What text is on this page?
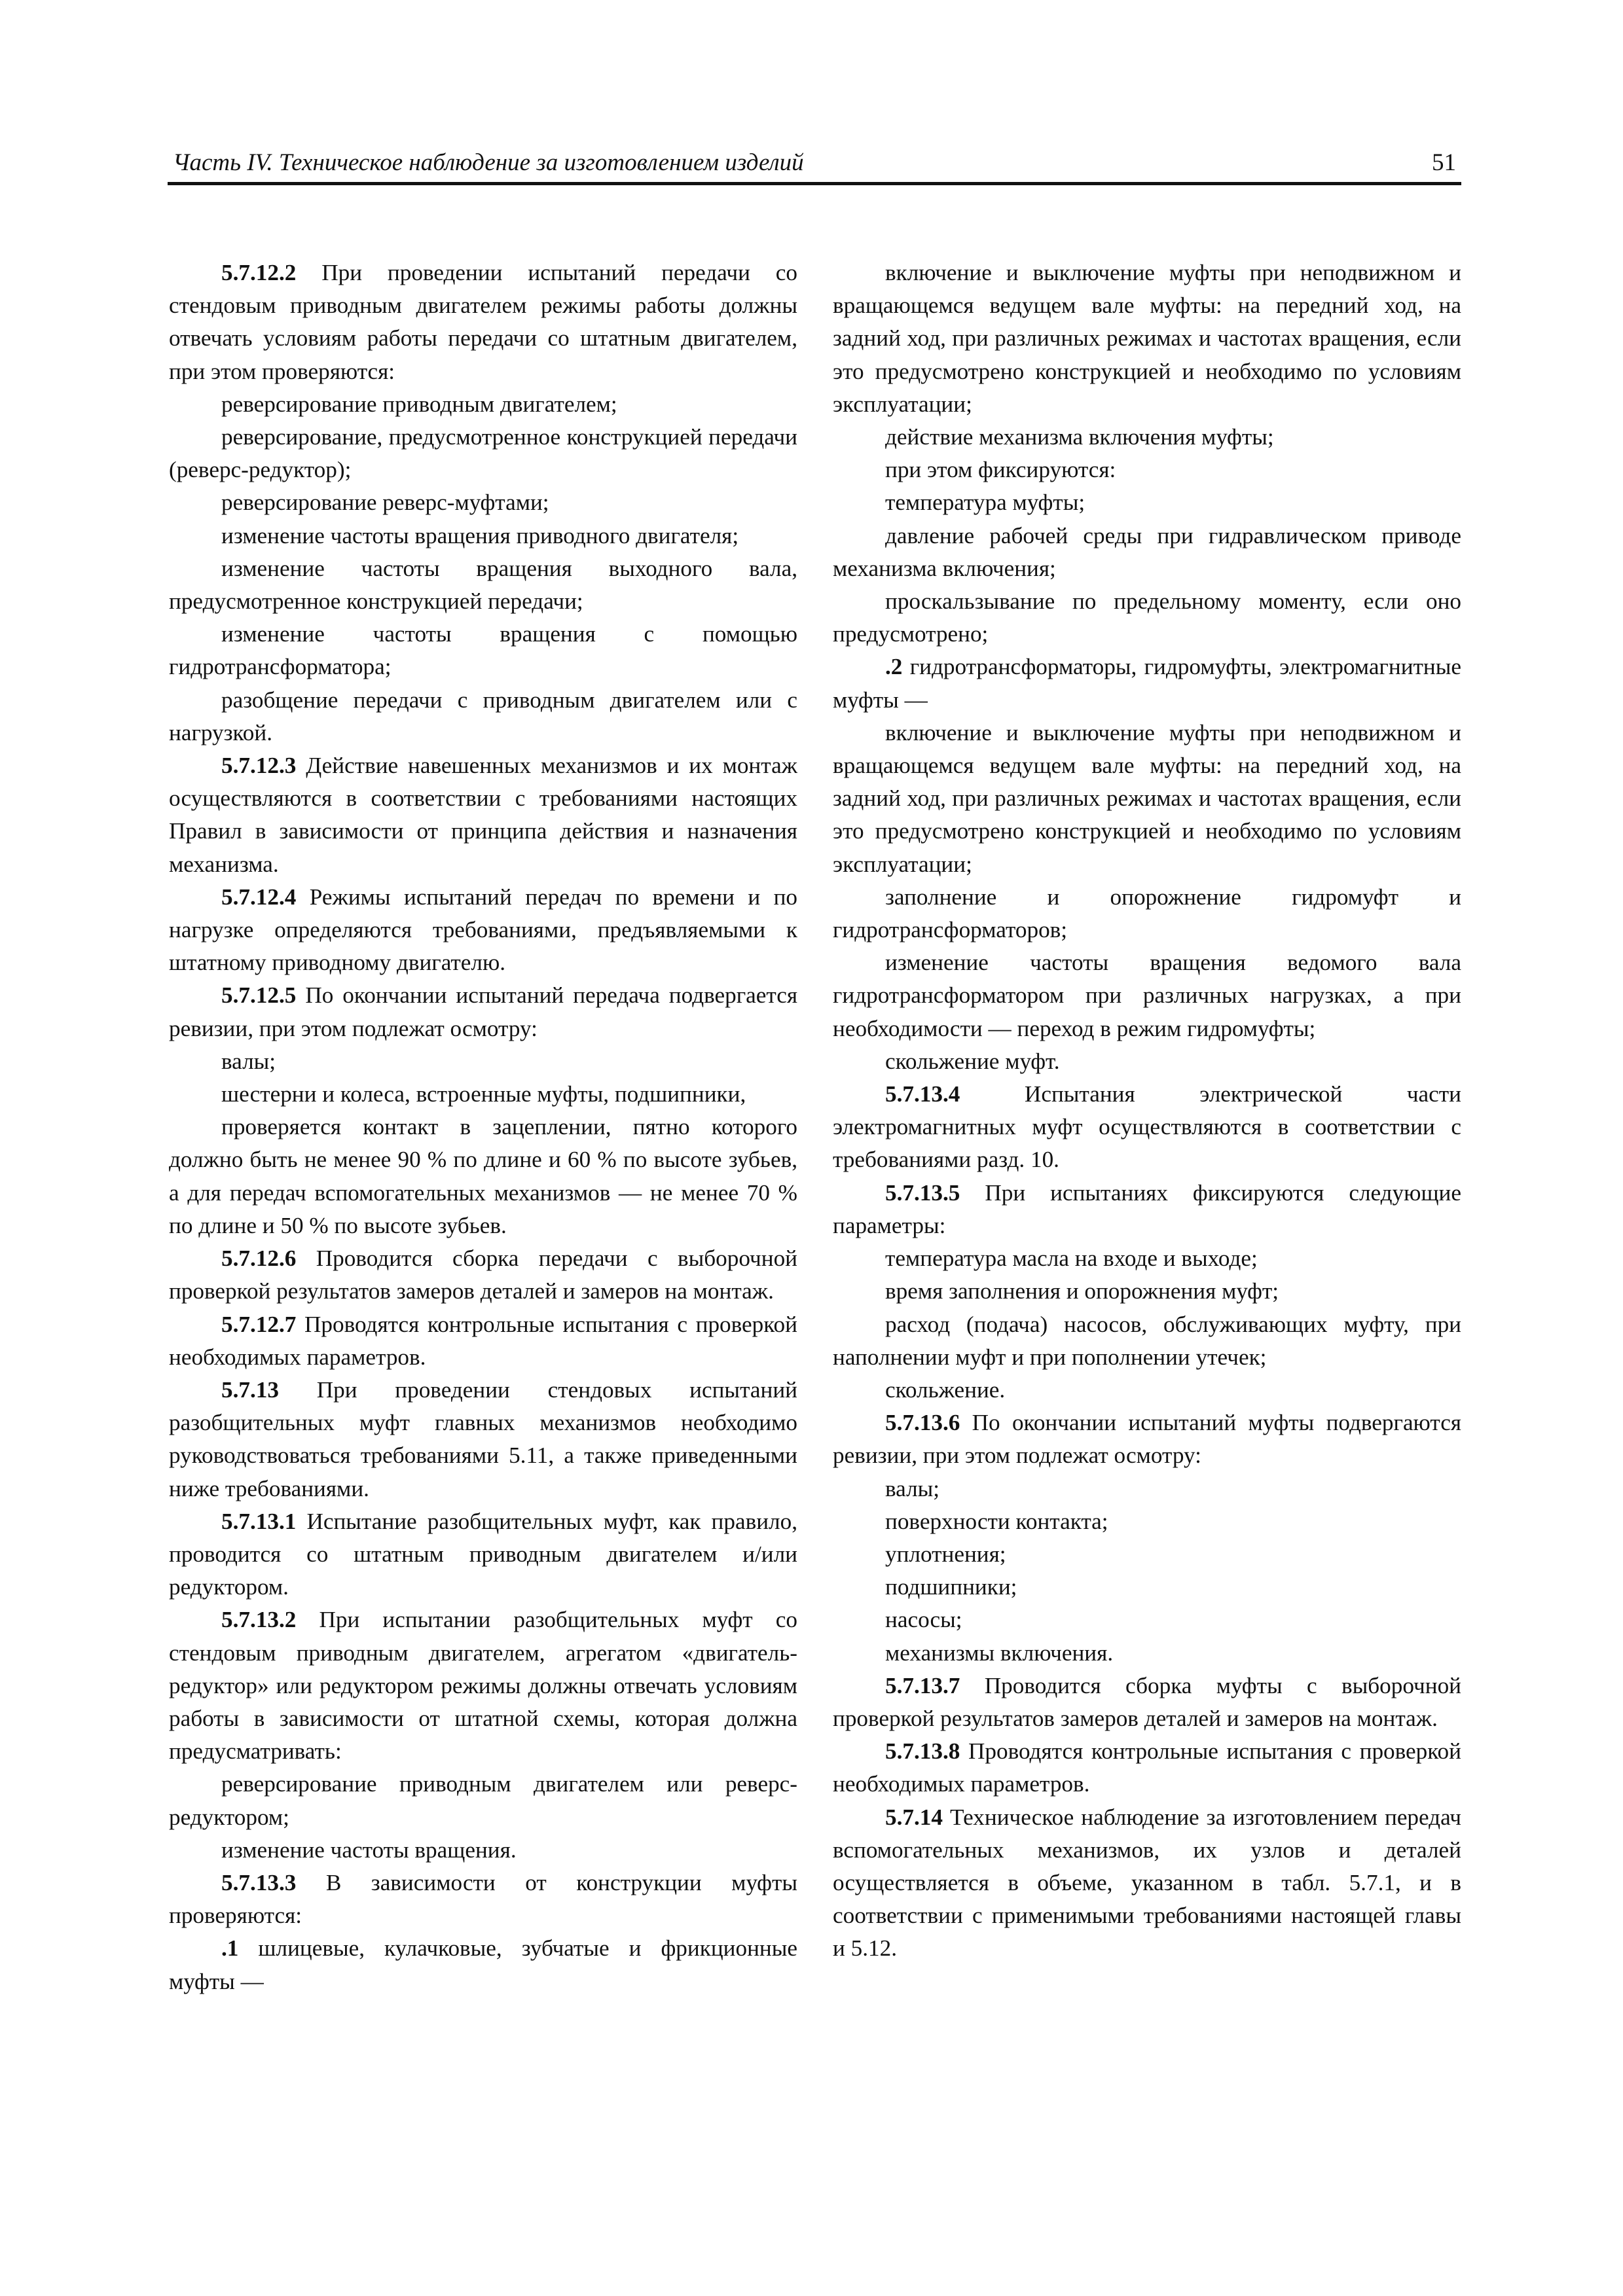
Часть IV. Техническое наблюдение за изготовлением изделий	51

5.7.12.2 При проведении испытаний передачи со стендовым приводным двигателем режимы работы должны отвечать условиям работы передачи со штатным двигателем, при этом проверяются:

реверсирование приводным двигателем;

реверсирование, предусмотренное конструкцией передачи (реверс-редуктор);

реверсирование реверс-муфтами;

изменение частоты вращения приводного двигателя;

изменение частоты вращения выходного вала, предусмотренное конструкцией передачи;

изменение частоты вращения с помощью гидротрансформатора;

разобщение передачи с приводным двигателем или с нагрузкой.

5.7.12.3 Действие навешенных механизмов и их монтаж осуществляются в соответствии с требованиями настоящих Правил в зависимости от принципа действия и назначения механизма.

5.7.12.4 Режимы испытаний передач по времени и по нагрузке определяются требованиями, предъявляемыми к штатному приводному двигателю.

5.7.12.5 По окончании испытаний передача подвергается ревизии, при этом подлежат осмотру:

валы;

шестерни и колеса, встроенные муфты, подшипники,

проверяется контакт в зацеплении, пятно которого должно быть не менее 90 % по длине и 60 % по высоте зубьев, а для передач вспомогательных механизмов — не менее 70 % по длине и 50 % по высоте зубьев.

5.7.12.6 Проводится сборка передачи с выборочной проверкой результатов замеров деталей и замеров на монтаж.

5.7.12.7 Проводятся контрольные испытания с проверкой необходимых параметров.

5.7.13 При проведении стендовых испытаний разобщительных муфт главных механизмов необходимо руководствоваться требованиями 5.11, а также приведенными ниже требованиями.

5.7.13.1 Испытание разобщительных муфт, как правило, проводится со штатным приводным двигателем и/или редуктором.

5.7.13.2 При испытании разобщительных муфт со стендовым приводным двигателем, агрегатом «двигатель-редуктор» или редуктором режимы должны отвечать условиям работы в зависимости от штатной схемы, которая должна предусматривать:

реверсирование приводным двигателем или реверс-редуктором;

изменение частоты вращения.

5.7.13.3 В зависимости от конструкции муфты проверяются:

.1 шлицевые, кулачковые, зубчатые и фрикционные муфты —

включение и выключение муфты при неподвижном и вращающемся ведущем вале муфты: на передний ход, на задний ход, при различных режимах и частотах вращения, если это предусмотрено конструкцией и необходимо по условиям эксплуатации;

действие механизма включения муфты;

при этом фиксируются:

температура муфты;

давление рабочей среды при гидравлическом приводе механизма включения;

проскальзывание по предельному моменту, если оно предусмотрено;

.2 гидротрансформаторы, гидромуфты, электромагнитные муфты —

включение и выключение муфты при неподвижном и вращающемся ведущем вале муфты: на передний ход, на задний ход, при различных режимах и частотах вращения, если это предусмотрено конструкцией и необходимо по условиям эксплуатации;

заполнение и опорожнение гидромуфт и гидротрансформаторов;

изменение частоты вращения ведомого вала гидротрансформатором при различных нагрузках, а при необходимости — переход в режим гидромуфты;

скольжение муфт.

5.7.13.4 Испытания электрической части электромагнитных муфт осуществляются в соответствии с требованиями разд. 10.

5.7.13.5 При испытаниях фиксируются следующие параметры:

температура масла на входе и выходе;

время заполнения и опорожнения муфт;

расход (подача) насосов, обслуживающих муфту, при наполнении муфт и при пополнении утечек;

скольжение.

5.7.13.6 По окончании испытаний муфты подвергаются ревизии, при этом подлежат осмотру:

валы;

поверхности контакта;

уплотнения;

подшипники;

насосы;

механизмы включения.

5.7.13.7 Проводится сборка муфты с выборочной проверкой результатов замеров деталей и замеров на монтаж.

5.7.13.8 Проводятся контрольные испытания с проверкой необходимых параметров.

5.7.14 Техническое наблюдение за изготовлением передач вспомогательных механизмов, их узлов и деталей осуществляется в объеме, указанном в табл. 5.7.1, и в соответствии с применимыми требованиями настоящей главы и 5.12.
